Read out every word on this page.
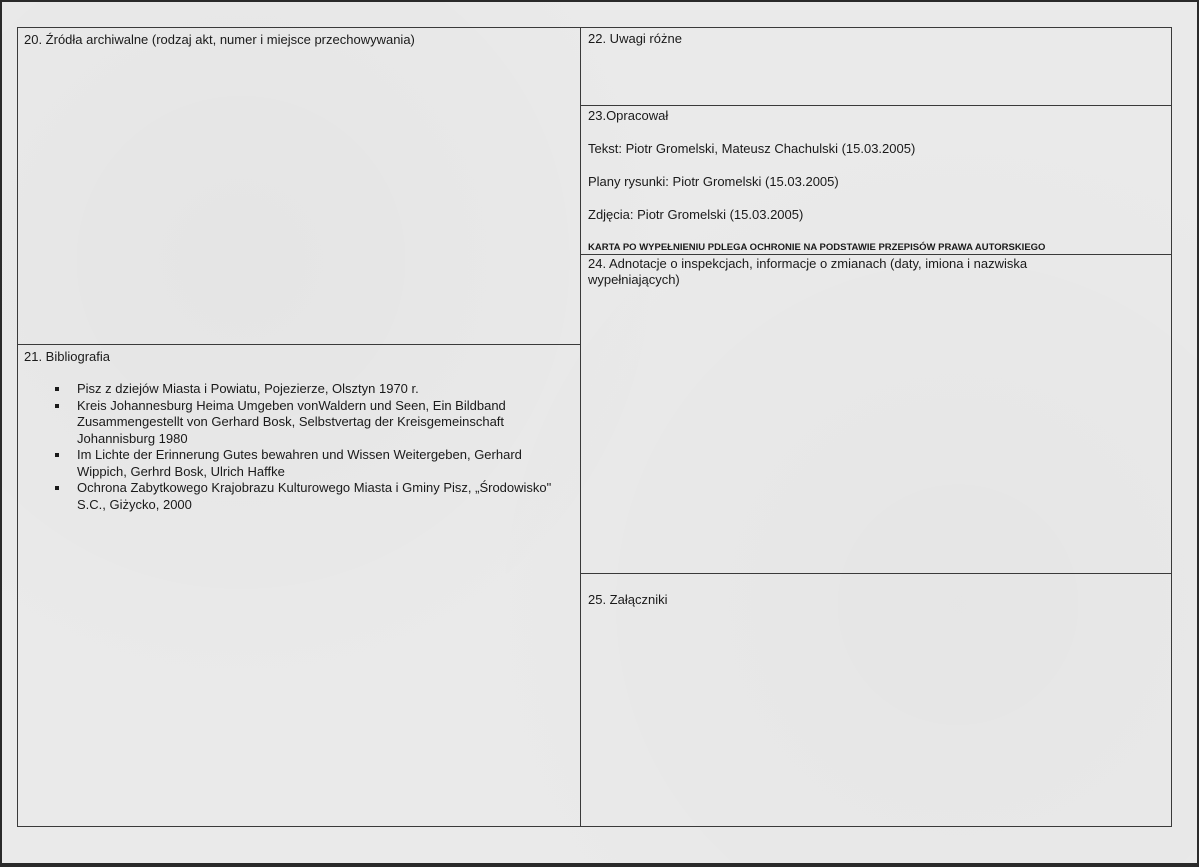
20. Źródła archiwalne (rodzaj akt, numer i miejsce przechowywania)
21. Bibliografia
Pisz z dziejów Miasta i Powiatu, Pojezierze, Olsztyn 1970 r.
Kreis Johannesburg Heima Umgeben vonWaldern und Seen, Ein Bildband Zusammengestellt von Gerhard Bosk, Selbstvertag der Kreisgemeinschaft Johannisburg 1980
Im Lichte der Erinnerung Gutes bewahren und Wissen Weitergeben, Gerhard Wippich, Gerhrd Bosk, Ulrich Haffke
Ochrona Zabytkowego Krajobrazu Kulturowego Miasta i Gminy Pisz, „Środowisko" S.C., Giżycko, 2000
22. Uwagi różne
23.Opracował
Tekst: Piotr Gromelski, Mateusz Chachulski (15.03.2005)
Plany rysunki: Piotr Gromelski (15.03.2005)
Zdjęcia: Piotr Gromelski (15.03.2005)
KARTA PO WYPEŁNIENIU PDLEGA OCHRONIE NA PODSTAWIE PRZEPISÓW PRAWA AUTORSKIEGO
24. Adnotacje o inspekcjach, informacje o zmianach (daty, imiona i nazwiska wypełniających)
25. Załączniki
